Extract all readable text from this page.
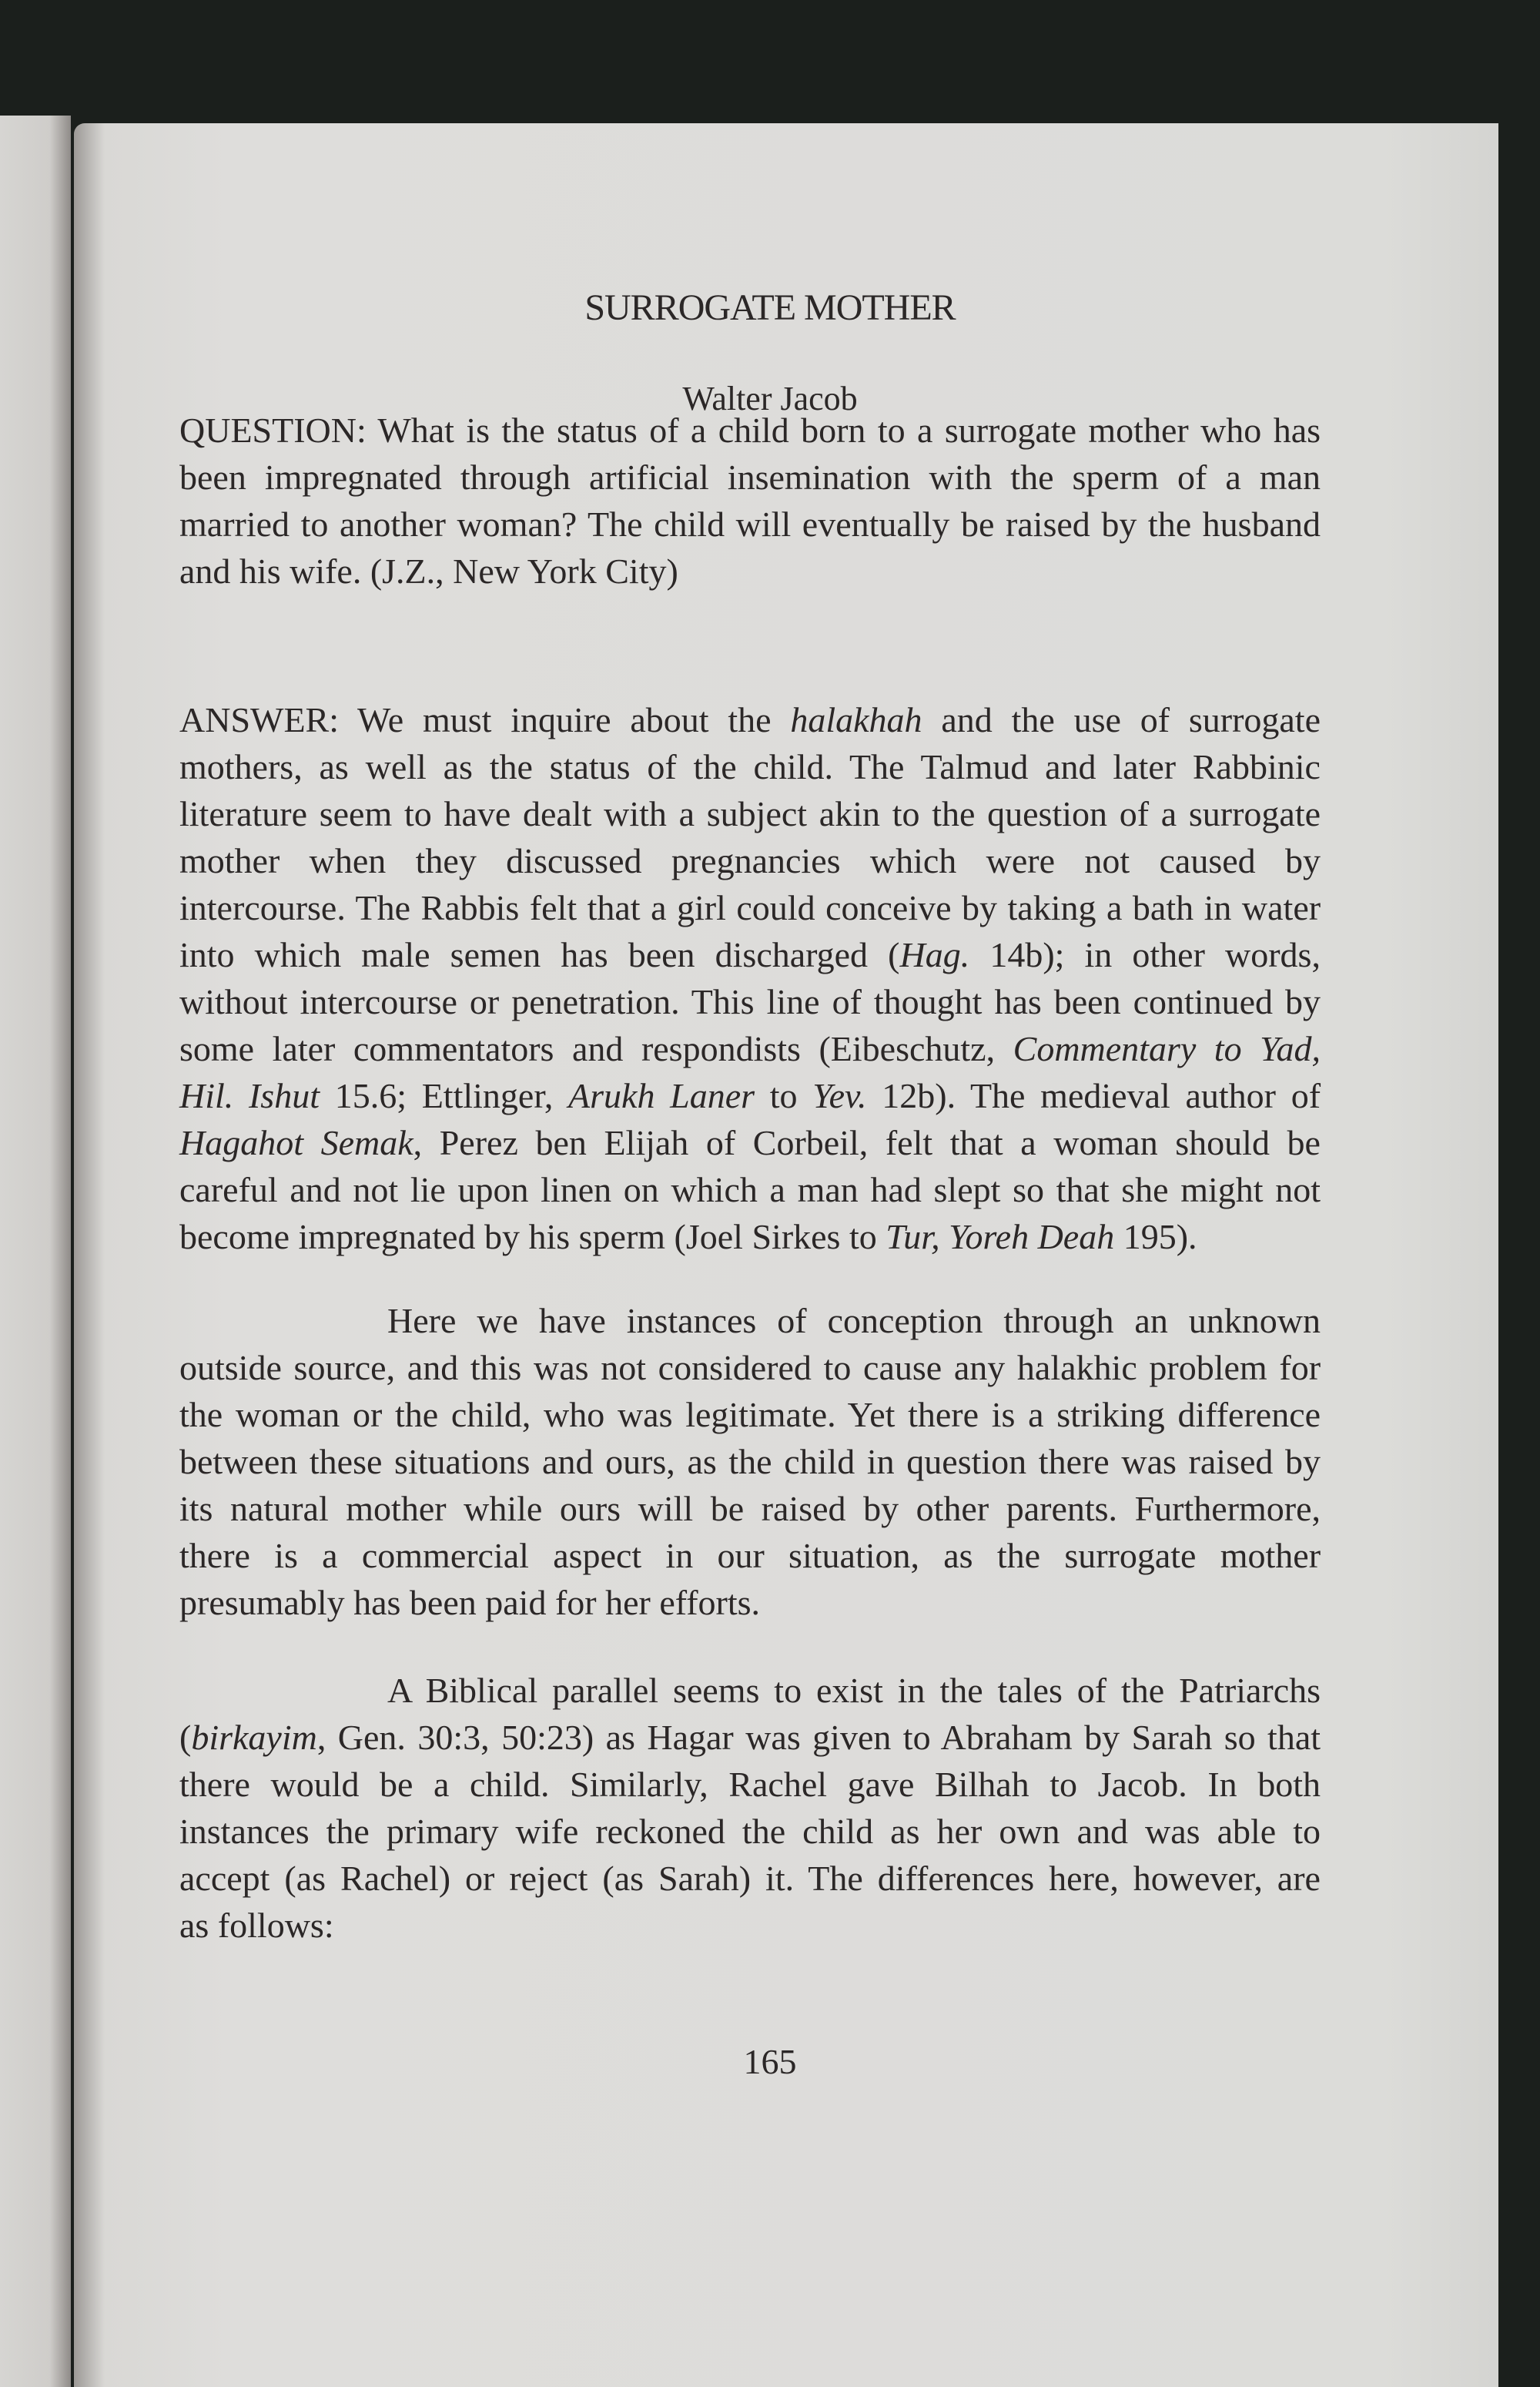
SURROGATE MOTHER
Walter Jacob
QUESTION: What is the status of a child born to a surrogate mother who has
been impregnated through artificial insemination with the sperm of a man
married to another woman? The child will eventually be raised by the husband
and his wife. (J.Z., New York City)
ANSWER: We must inquire about the halakhah and the use of surrogate
mothers, as well as the status of the child. The Talmud and later Rabbinic
literature seem to have dealt with a subject akin to the question of a surrogate
mother when they discussed pregnancies which were not caused by
intercourse. The Rabbis felt that a girl could conceive by taking a bath in water
into which male semen has been discharged (Hag. 14b); in other words,
without intercourse or penetration. This line of thought has been continued by
some later commentators and respondists (Eibeschutz, Commentary to Yad,
Hil. Ishut 15.6; Ettlinger, Arukh Laner to Yev. 12b). The medieval author of
Hagahot Semak, Perez ben Elijah of Corbeil, felt that a woman should be
careful and not lie upon linen on which a man had slept so that she might not
become impregnated by his sperm (Joel Sirkes to Tur, Yoreh Deah 195).
Here we have instances of conception through an unknown
outside source, and this was not considered to cause any halakhic problem for
the woman or the child, who was legitimate. Yet there is a striking difference
between these situations and ours, as the child in question there was raised by
its natural mother while ours will be raised by other parents. Furthermore,
there is a commercial aspect in our situation, as the surrogate mother
presumably has been paid for her efforts.
A Biblical parallel seems to exist in the tales of the Patriarchs
(birkayim, Gen. 30:3, 50:23) as Hagar was given to Abraham by Sarah so that
there would be a child. Similarly, Rachel gave Bilhah to Jacob. In both
instances the primary wife reckoned the child as her own and was able to
accept (as Rachel) or reject (as Sarah) it. The differences here, however, are
as follows:
165
